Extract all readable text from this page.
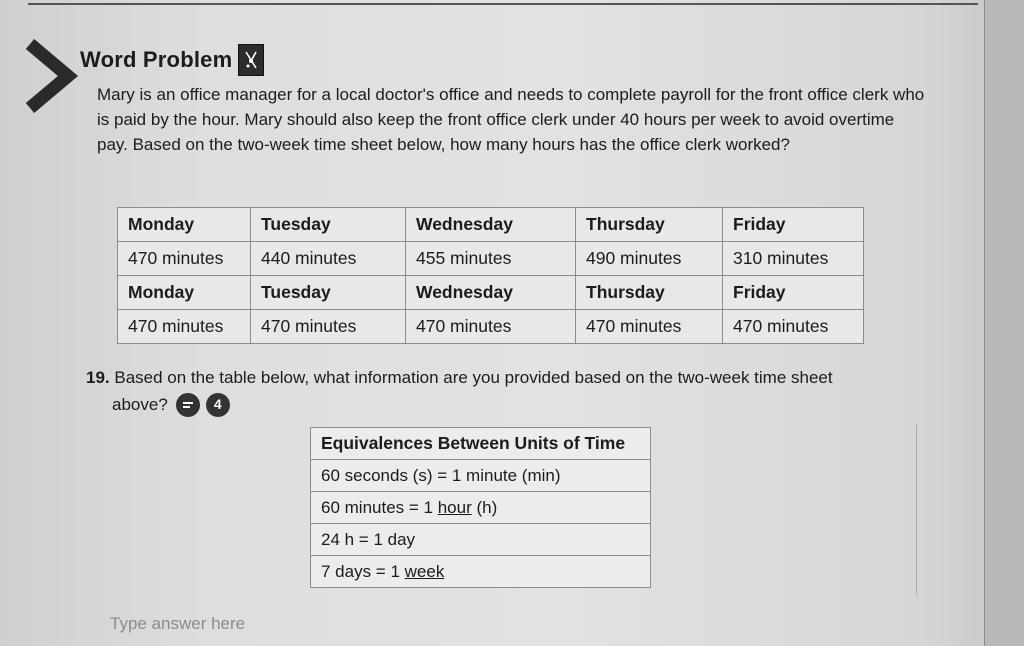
Word Problem

Mary is an office manager for a local doctor's office and needs to complete payroll for the front office clerk who is paid by the hour. Mary should also keep the front office clerk under 40 hours per week to avoid overtime pay. Based on the two-week time sheet below, how many hours has the office clerk worked?

Monday	Tuesday	Wednesday	Thursday	Friday
470 minutes	440 minutes	455 minutes	490 minutes	310 minutes
Monday	Tuesday	Wednesday	Thursday	Friday
470 minutes	470 minutes	470 minutes	470 minutes	470 minutes
19. Based on the table below, what information are you provided based on the two-week time sheet
above?	4
Equivalences Between Units of Time
60 seconds (s) = 1 minute (min)
60 minutes = 1 hour (h)
24 h = 1 day
7 days = 1 week
Type answer here
